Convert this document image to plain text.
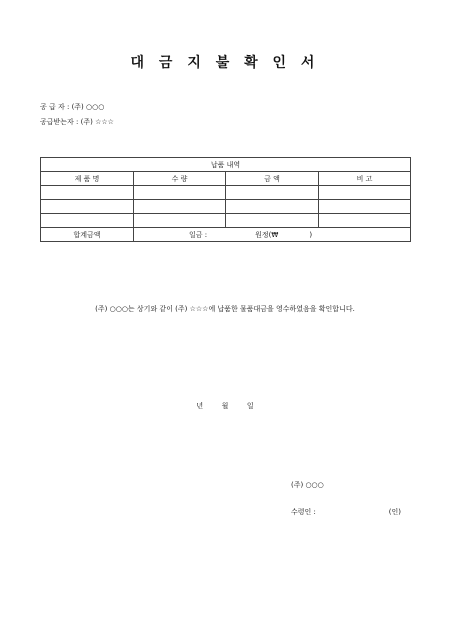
대 금 지 불 확 인 서
공 급 자 : (주) ○○○
공급받는자 : (주) ☆☆☆
납품 내역			
제 품 명	수 량	금 액	비 고

합계금액	일금 : 원정(₩              )		
(주) ○○○는 상기와 같이 (주) ☆☆☆에 납품한 물품대금을 영수하였음을 확인합니다.
년	월	일
(주) ○○○
수령인 :	(인)
